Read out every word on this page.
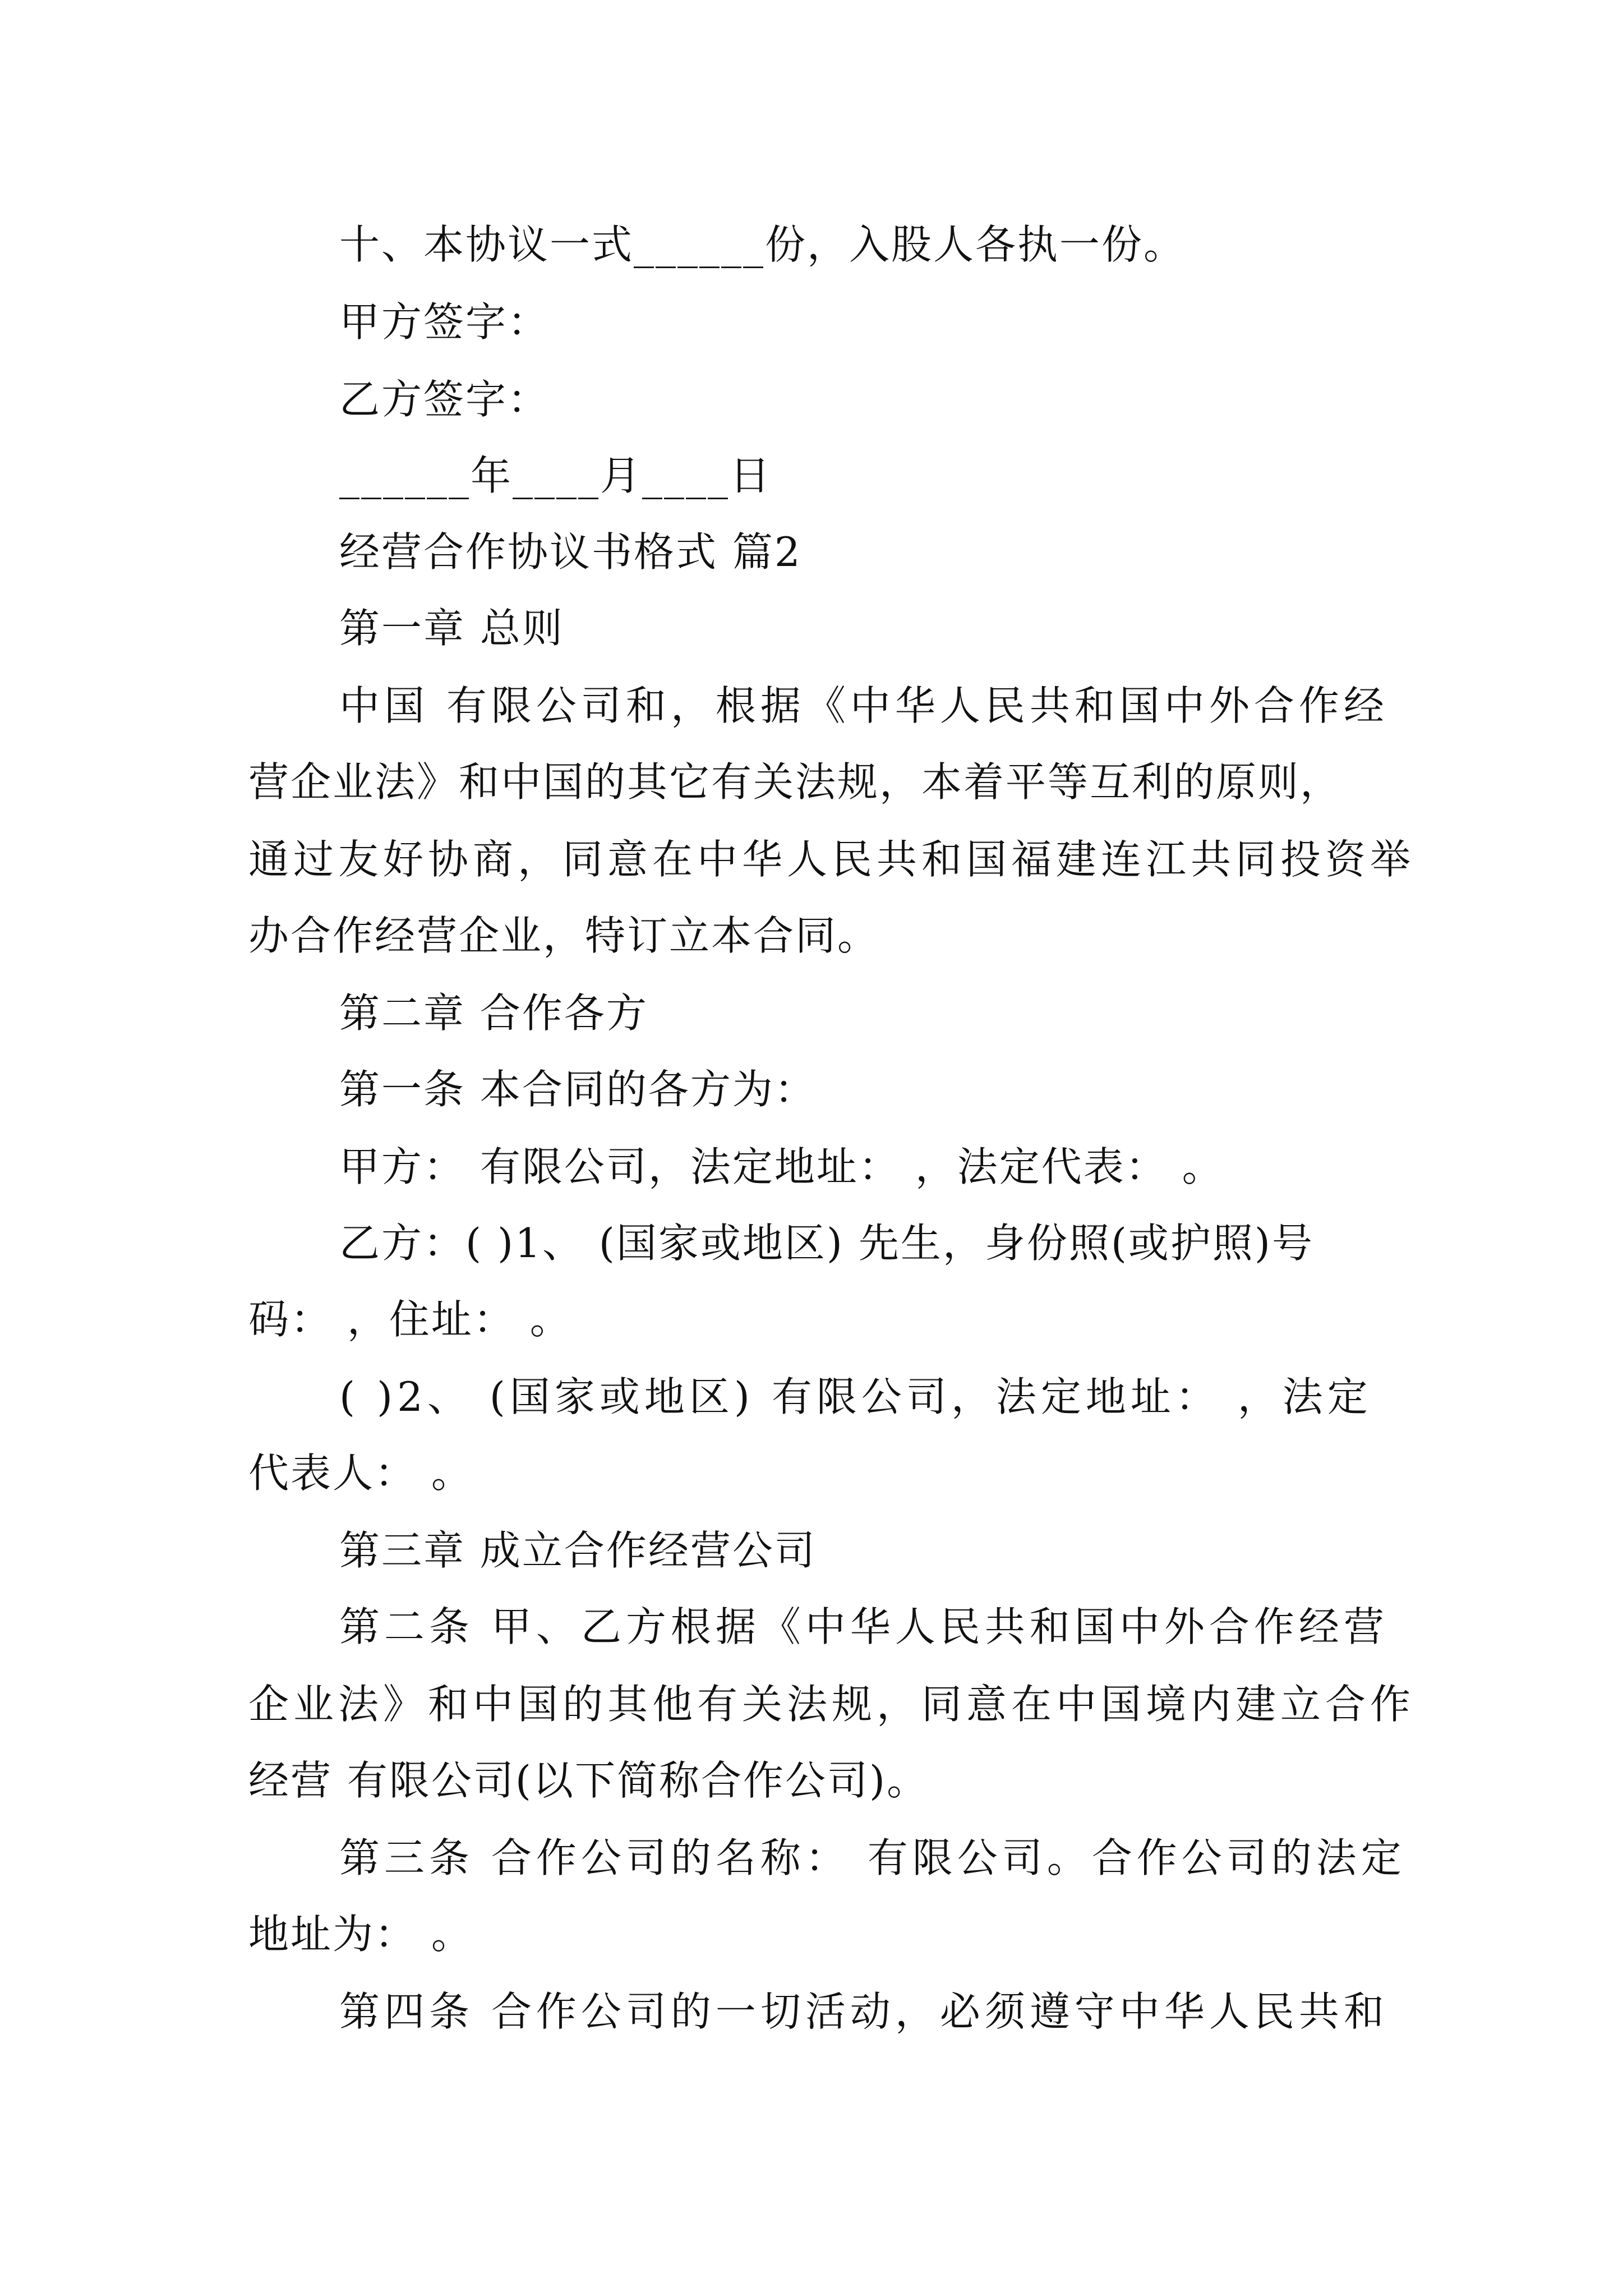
十、本协议一式______份，入股人各执一份。
甲方签字：
乙方签字：
______年____月____日
经营合作协议书格式 篇2
第一章 总则
中国 有限公司和，根据《中华人民共和国中外合作经
营企业法》和中国的其它有关法规，本着平等互利的原则，
通过友好协商，同意在中华人民共和国福建连江共同投资举
办合作经营企业，特订立本合同。
第二章 合作各方
第一条 本合同的各方为：
甲方： 有限公司，法定地址： ，法定代表： 。
乙方：( )1、 (国家或地区) 先生，身份照(或护照)号
码： ，住址： 。
( )2、 (国家或地区) 有限公司，法定地址： ，法定
代表人： 。
第三章 成立合作经营公司
第二条 甲、乙方根据《中华人民共和国中外合作经营
企业法》和中国的其他有关法规，同意在中国境内建立合作
经营 有限公司(以下简称合作公司)。
第三条 合作公司的名称： 有限公司。合作公司的法定
地址为： 。
第四条 合作公司的一切活动，必须遵守中华人民共和
